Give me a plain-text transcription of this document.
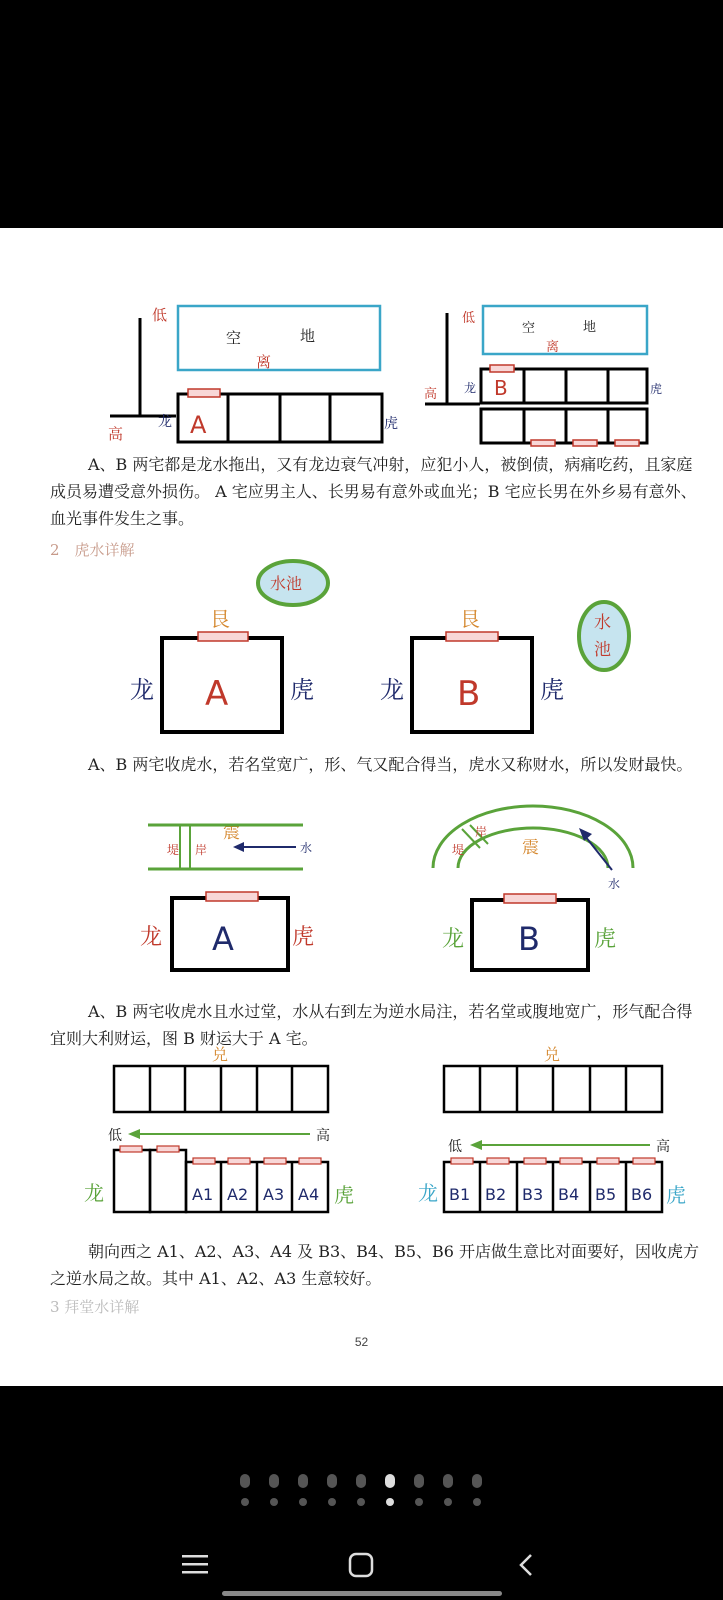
低
高
空	地
离
A
龙	虎
低
高
空	地
离
B
龙	虎
水池
艮
A
龙	虎
水
池
艮
B
龙	虎
震
堤 岸	水
A
龙	虎
堤
岸
震
水
B
龙	虎
兑
低	高
A1 A2 A3 A4
龙	虎
兑
低	高
B1 B2 B3 B4 B5 B6
龙	虎
A、B 两宅都是龙水拖出，又有龙边衰气冲射，应犯小人，被倒债，病痛吃药，且家庭成员易遭受意外损伤。 A 宅应男主人、长男易有意外或血光；B 宅应长男在外乡易有意外、血光事件发生之事。
2　虎水详解
A、B 两宅收虎水，若名堂宽广，形、气又配合得当，虎水又称财水，所以发财最快。
A、B 两宅收虎水且水过堂，水从右到左为逆水局注，若名堂或腹地宽广，形气配合得宜则大利财运，图 B 财运大于 A 宅。
朝向西之 A1、A2、A3、A4 及 B3、B4、B5、B6 开店做生意比对面要好，因收虎方之逆水局之故。其中 A1、A2、A3 生意较好。
3 拜堂水详解
52
